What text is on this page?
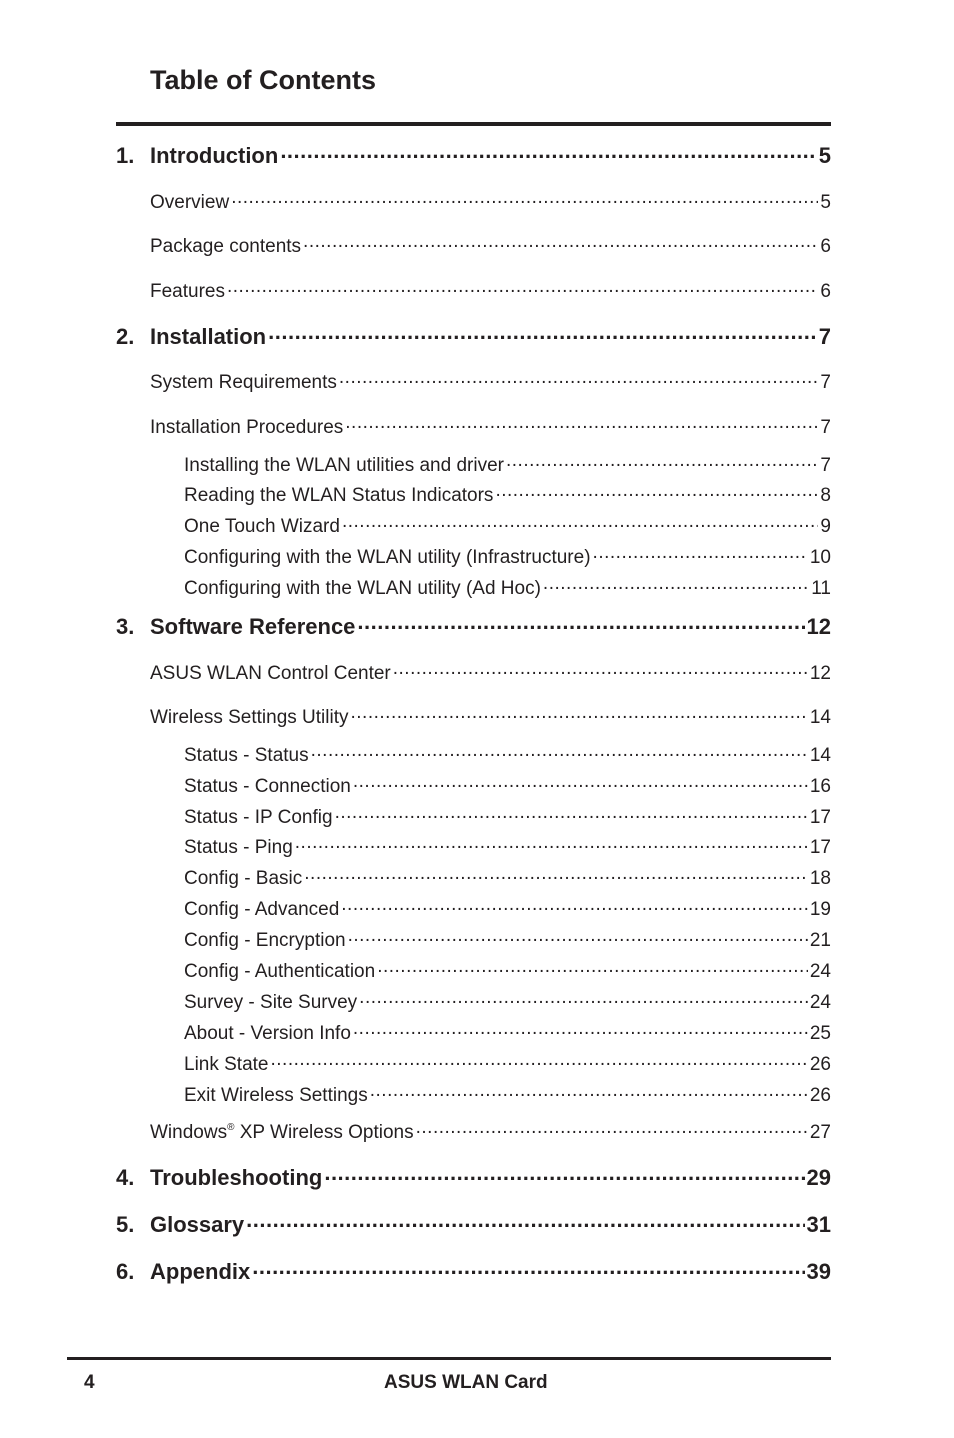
Table of Contents
1. Introduction .....	5
Overview .....	5
Package contents .....	6
Features .....	6
2. Installation .....	7
System Requirements .....	7
Installation Procedures .....	7
Installing the WLAN utilities and driver .....	7
Reading the WLAN Status Indicators .....	8
One Touch Wizard .....	9
Configuring with the WLAN utility (Infrastructure) .....	10
Configuring with the WLAN utility (Ad Hoc) .....	11
3. Software Reference .....	12
ASUS WLAN Control Center .....	12
Wireless Settings Utility .....	14
Status - Status .....	14
Status - Connection .....	16
Status - IP Config .....	17
Status - Ping .....	17
Config - Basic .....	18
Config - Advanced .....	19
Config - Encryption .....	21
Config - Authentication .....	24
Survey - Site Survey .....	24
About - Version Info .....	25
Link State .....	26
Exit Wireless Settings .....	26
Windows® XP Wireless Options .....	27
4. Troubleshooting .....	29
5. Glossary .....	31
6. Appendix .....	39
4	ASUS WLAN Card
